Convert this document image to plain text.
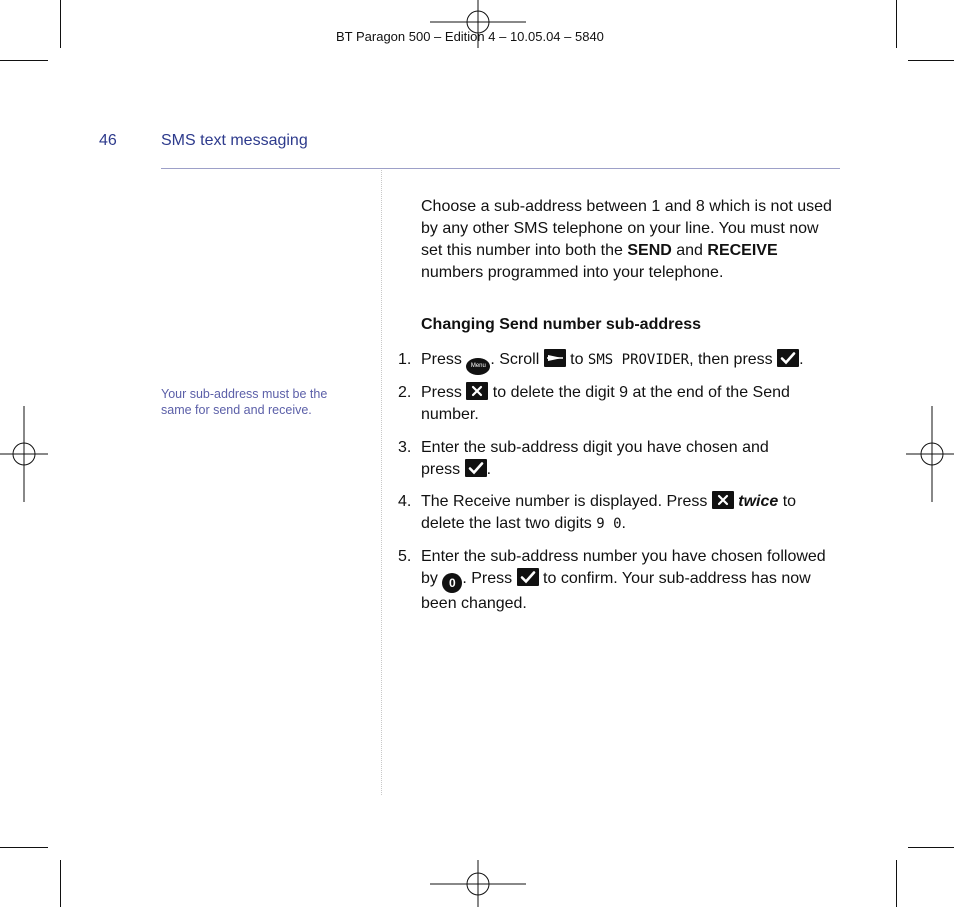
BT Paragon 500 – Edition 4 – 10.05.04 – 5840
46	SMS text messaging
Your sub-address must be the same for send and receive.
Choose a sub-address between 1 and 8 which is not used by any other SMS telephone on your line. You must now set this number into both the SEND and RECEIVE numbers programmed into your telephone.
Changing Send number sub-address
1. Press Menu . Scroll
to SMS PROVIDER, then press
.
2. Press
to delete the digit 9 at the end of the Send number.
3. Enter the sub-address digit you have chosen and press
.
4. The Receive number is displayed. Press
twice to delete the last two digits 9 0.
5. Enter the sub-address number you have chosen followed by 0 . Press
to confirm. Your sub-address has now been changed.
